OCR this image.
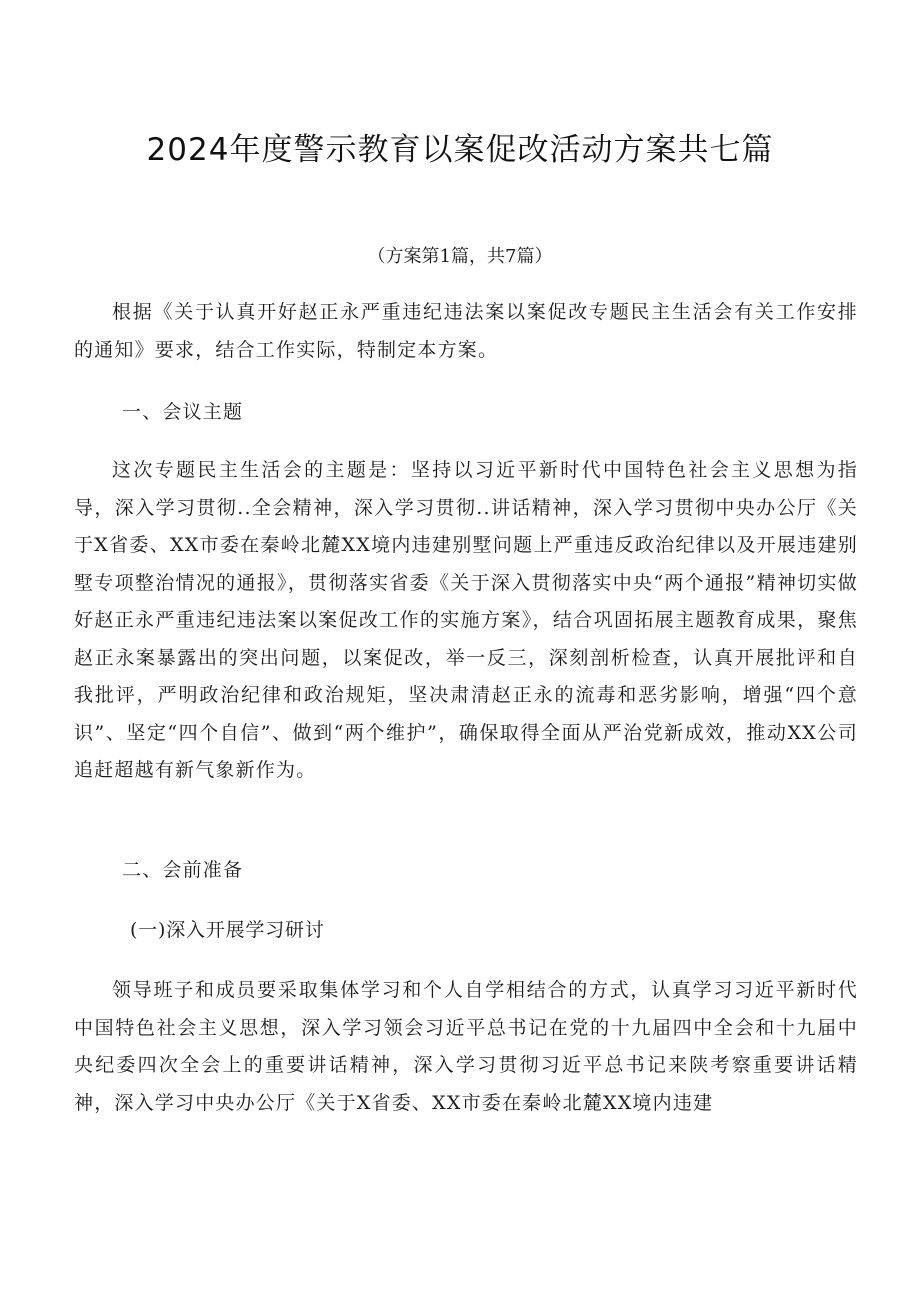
2024年度警示教育以案促改活动方案共七篇
（方案第1篇，共7篇）

根据《关于认真开好赵正永严重违纪违法案以案促改专题民主生活会有关工作安排的通知》要求，结合工作实际，特制定本方案。

一、会议主题

这次专题民主生活会的主题是：坚持以习近平新时代中国特色社会主义思想为指导，深入学习贯彻..全会精神，深入学习贯彻..讲话精神，深入学习贯彻中央办公厅《关于X省委、XX市委在秦岭北麓XX境内违建别墅问题上严重违反政治纪律以及开展违建别墅专项整治情况的通报》，贯彻落实省委《关于深入贯彻落实中央“两个通报”精神切实做好赵正永严重违纪违法案以案促改工作的实施方案》，结合巩固拓展主题教育成果，聚焦赵正永案暴露出的突出问题，以案促改，举一反三，深刻剖析检查，认真开展批评和自我批评，严明政治纪律和政治规矩，坚决肃清赵正永的流毒和恶劣影响，增强“四个意识”、坚定“四个自信”、做到“两个维护”，确保取得全面从严治党新成效，推动XX公司追赶超越有新气象新作为。

二、会前准备

(一)深入开展学习研讨

领导班子和成员要采取集体学习和个人自学相结合的方式，认真学习习近平新时代中国特色社会主义思想，深入学习领会习近平总书记在党的十九届四中全会和十九届中央纪委四次全会上的重要讲话精神，深入学习贯彻习近平总书记来陕考察重要讲话精神，深入学习中央办公厅《关于X省委、XX市委在秦岭北麓XX境内违建
